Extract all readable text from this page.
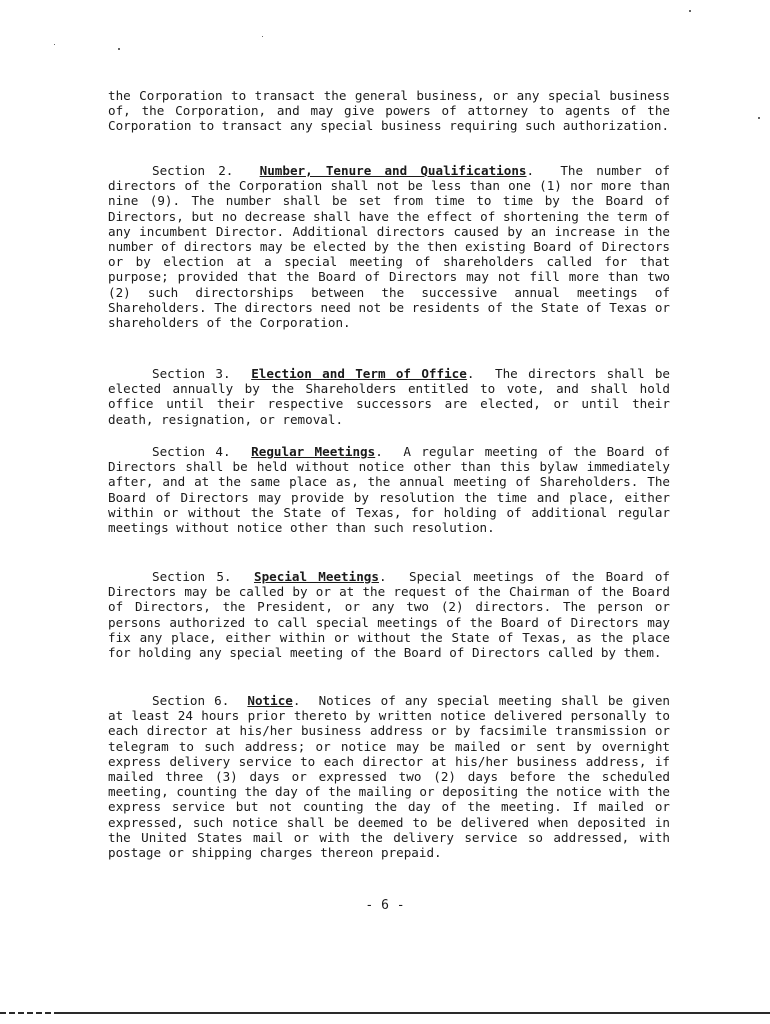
the Corporation to transact the general business, or any special business of, the Corporation, and may give powers of attorney to agents of the Corporation to transact any special business requiring such authorization.

Section 2. Number, Tenure and Qualifications.  The number of directors of the Corporation shall not be less than one (1) nor more than nine (9). The number shall be set from time to time by the Board of Directors, but no decrease shall have the effect of shortening the term of any incumbent Director. Additional directors caused by an increase in the number of directors may be elected by the then existing Board of Directors or by election at a special meeting of shareholders called for that purpose; provided that the Board of Directors may not fill more than two (2) such directorships between the successive annual meetings of Shareholders. The directors need not be residents of the State of Texas or shareholders of the Corporation.

Section 3. Election and Term of Office.  The directors shall be elected annually by the Shareholders entitled to vote, and shall hold office until their respective successors are elected, or until their death, resignation, or removal.

Section 4. Regular Meetings.  A regular meeting of the Board of Directors shall be held without notice other than this bylaw immediately after, and at the same place as, the annual meeting of Shareholders. The Board of Directors may provide by resolution the time and place, either within or without the State of Texas, for holding of additional regular meetings without notice other than such resolution.

Section 5. Special Meetings.  Special meetings of the Board of Directors may be called by or at the request of the Chairman of the Board of Directors, the President, or any two (2) directors. The person or persons authorized to call special meetings of the Board of Directors may fix any place, either within or without the State of Texas, as the place for holding any special meeting of the Board of Directors called by them.

Section 6. Notice.  Notices of any special meeting shall be given at least 24 hours prior thereto by written notice delivered personally to each director at his/her business address or by facsimile transmission or telegram to such address; or notice may be mailed or sent by overnight express delivery service to each director at his/her business address, if mailed three (3) days or expressed two (2) days before the scheduled meeting, counting the day of the mailing or depositing the notice with the express service but not counting the day of the meeting. If mailed or expressed, such notice shall be deemed to be delivered when deposited in the United States mail or with the delivery service so addressed, with postage or shipping charges thereon prepaid.

- 6 -
